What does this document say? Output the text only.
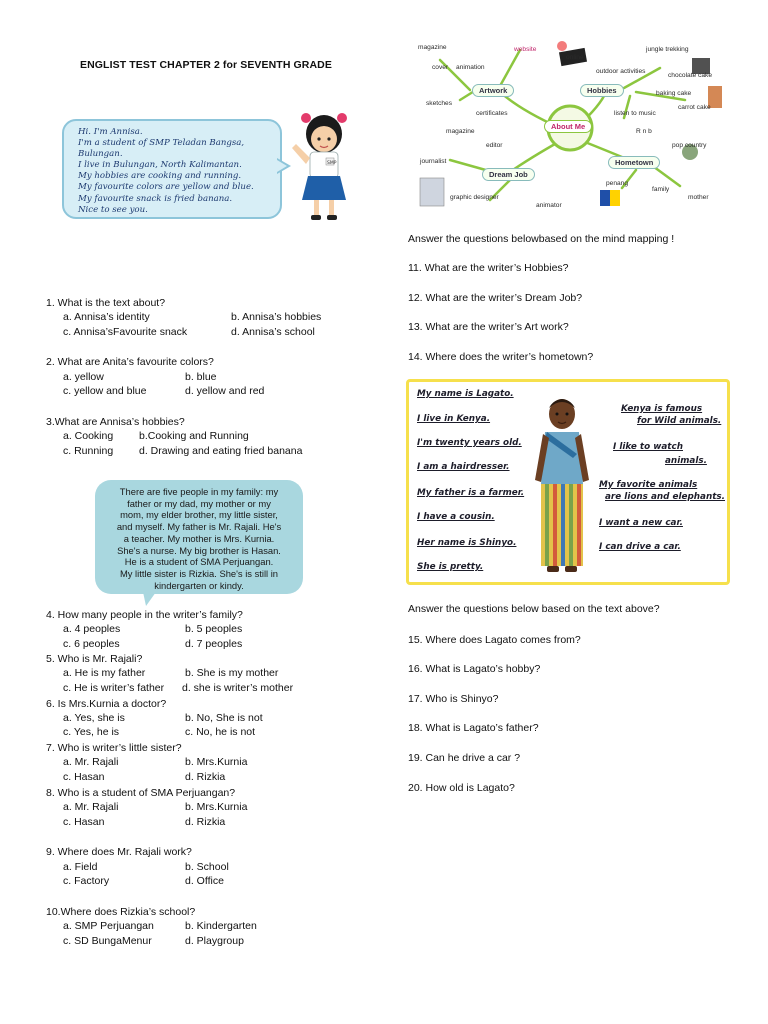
ENGLIST TEST CHAPTER 2 for SEVENTH GRADE
Hi. I'm Annisa.
I'm a student of SMP Teladan Bangsa,
Bulungan.
I live in Bulungan, North Kalimantan.
My hobbies are cooking and running.
My favourite colors are yellow and blue.
My favourite snack is fried banana.
Nice to see you.
SMP
1. What is the text about?
a. Annisa’s identity	b. Annisa’s hobbies
c. Annisa’sFavourite snack	d. Annisa’s school
2. What are Anita’s favourite colors?
a. yellow	b. blue
c. yellow and blue	d. yellow and red
3.What are Annisa’s hobbies?
a. Cooking b.Cooking and Running
c. Running d. Drawing and eating fried banana
There are five people in my family: my
father or my dad, my mother or my
mom, my elder brother, my little sister,
and myself. My father is Mr. Rajali. He's
a teacher. My mother is Mrs. Kurnia.
She's a nurse. My big brother is Hasan.
He is a student of SMA Perjuangan.
My little sister is Rizkia. She's is still in
kindergarten or kindy.
4. How many people in the writer’s family?
a. 4 peoples	b. 5 peoples
c. 6 peoples	d. 7 peoples
5. Who is Mr. Rajali?
a. He is my father	b. She is my mother
c. He is writer’s father d. she is writer’s mother
6. Is Mrs.Kurnia a doctor?
a. Yes, she is	b. No, She is not
c. Yes, he is	c. No, he is not
7. Who is writer’s little sister?
a. Mr. Rajali	b. Mrs.Kurnia
c. Hasan	d. Rizkia
8. Who is a student of SMA Perjuangan?
a. Mr. Rajali	b. Mrs.Kurnia
c. Hasan	d. Rizkia
9. Where does Mr. Rajali work?
a. Field	b. School
c. Factory	d. Office
10.Where does Rizkia’s school?
a. SMP Perjuangan	b. Kindergarten
c. SD BungaMenur	d. Playgroup
Artwork	Hobbies
Dream Job
Hometown
About Me
magazine
cover animation
website
online
jungle trekking
outdoor activities
chocolate cake
baking cake
carrot cake
sketches
certificates	listen to music
magazine
editor
R n b
pop country
journalist
penang
family
graphic designer
animator
mother
Answer the questions belowbased on the mind mapping !
11. What are the writer’s Hobbies?
12. What are the writer’s Dream Job?
13. What are the writer’s Art work?
14. Where does the writer’s hometown?
My name is Lagato.
I live in Kenya.
I'm twenty years old.
I am a hairdresser.
My father is a farmer.
I have a cousin.
Her name is Shinyo.
She is pretty.
Kenya is famous
for Wild animals.
I like to watch
animals.
My favorite animals
are lions and elephants.
I want a new car.
I can drive a car.
Answer the questions below based on the text above?
15. Where does Lagato comes from?
16. What is Lagato’s hobby?
17. Who is Shinyo?
18. What is Lagato’s father?
19. Can he drive a car ?
20. How old is Lagato?
